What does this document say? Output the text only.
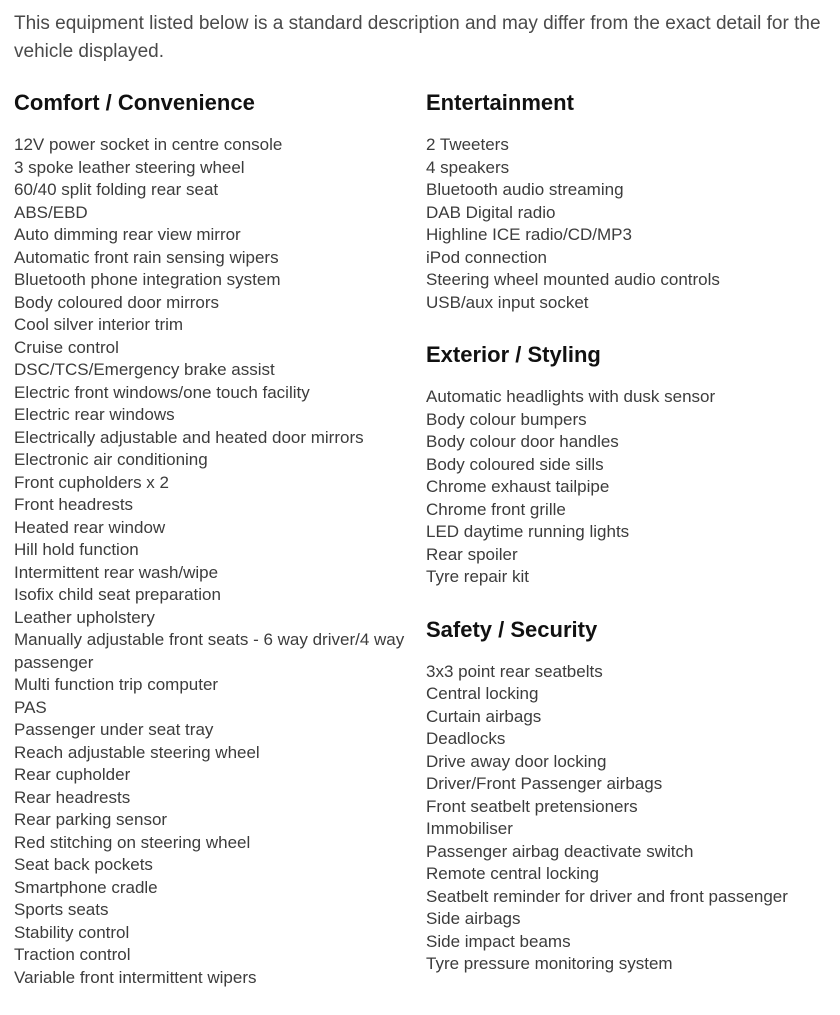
This equipment listed below is a standard description and may differ from the exact detail for the vehicle displayed.

Comfort / Convenience
12V power socket in centre console
3 spoke leather steering wheel
60/40 split folding rear seat
ABS/EBD
Auto dimming rear view mirror
Automatic front rain sensing wipers
Bluetooth phone integration system
Body coloured door mirrors
Cool silver interior trim
Cruise control
DSC/TCS/Emergency brake assist
Electric front windows/one touch facility
Electric rear windows
Electrically adjustable and heated door mirrors
Electronic air conditioning
Front cupholders x 2
Front headrests
Heated rear window
Hill hold function
Intermittent rear wash/wipe
Isofix child seat preparation
Leather upholstery
Manually adjustable front seats - 6 way driver/4 way passenger
Multi function trip computer
PAS
Passenger under seat tray
Reach adjustable steering wheel
Rear cupholder
Rear headrests
Rear parking sensor
Red stitching on steering wheel
Seat back pockets
Smartphone cradle
Sports seats
Stability control
Traction control
Variable front intermittent wipers
Entertainment
2 Tweeters
4 speakers
Bluetooth audio streaming
DAB Digital radio
Highline ICE radio/CD/MP3
iPod connection
Steering wheel mounted audio controls
USB/aux input socket
Exterior / Styling
Automatic headlights with dusk sensor
Body colour bumpers
Body colour door handles
Body coloured side sills
Chrome exhaust tailpipe
Chrome front grille
LED daytime running lights
Rear spoiler
Tyre repair kit
Safety / Security
3x3 point rear seatbelts
Central locking
Curtain airbags
Deadlocks
Drive away door locking
Driver/Front Passenger airbags
Front seatbelt pretensioners
Immobiliser
Passenger airbag deactivate switch
Remote central locking
Seatbelt reminder for driver and front passenger
Side airbags
Side impact beams
Tyre pressure monitoring system
